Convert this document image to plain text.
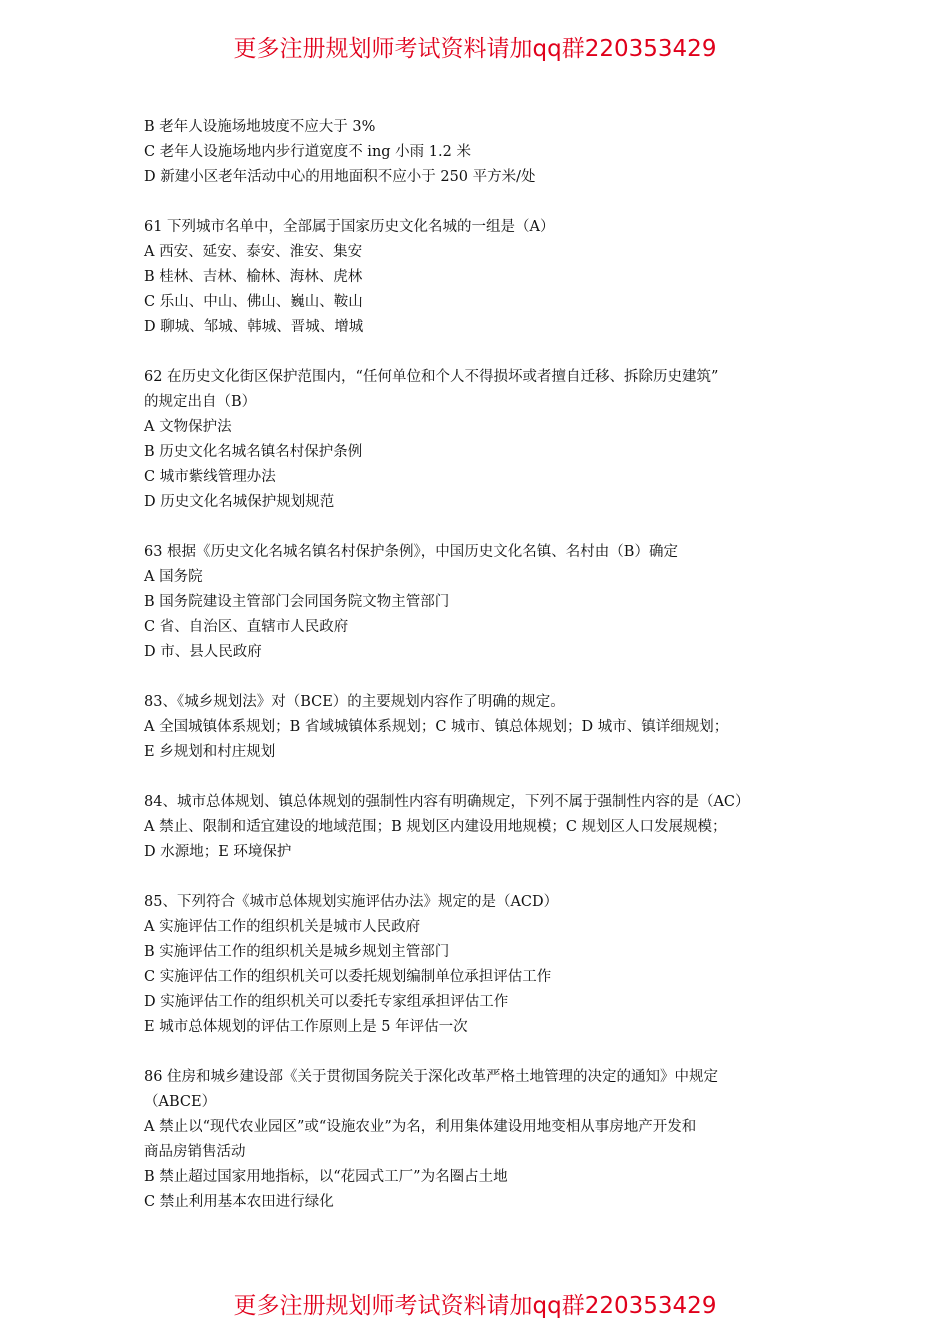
更多注册规划师考试资料请加qq群220353429
B 老年人设施场地坡度不应大于 3%
C 老年人设施场地内步行道宽度不 ing 小雨 1.2 米
D 新建小区老年活动中心的用地面积不应小于 250 平方米/处
61 下列城市名单中，全部属于国家历史文化名城的一组是（A）
A 西安、延安、泰安、淮安、集安
B 桂林、吉林、榆林、海林、虎林
C 乐山、中山、佛山、巍山、鞍山
D 聊城、邹城、韩城、晋城、增城
62 在历史文化街区保护范围内，“任何单位和个人不得损坏或者擅自迁移、拆除历史建筑”
的规定出自（B）
A 文物保护法
B 历史文化名城名镇名村保护条例
C 城市紫线管理办法
D 历史文化名城保护规划规范
63 根据《历史文化名城名镇名村保护条例》，中国历史文化名镇、名村由（B）确定
A 国务院
B 国务院建设主管部门会同国务院文物主管部门
C 省、自治区、直辖市人民政府
D 市、县人民政府
83、《城乡规划法》对（BCE）的主要规划内容作了明确的规定。
A 全国城镇体系规划；B 省域城镇体系规划；C 城市、镇总体规划；D 城市、镇详细规划；
E 乡规划和村庄规划
84、城市总体规划、镇总体规划的强制性内容有明确规定，下列不属于强制性内容的是（AC）
A 禁止、限制和适宜建设的地域范围；B 规划区内建设用地规模；C 规划区人口发展规模；
D 水源地；E 环境保护
85、下列符合《城市总体规划实施评估办法》规定的是（ACD）
A 实施评估工作的组织机关是城市人民政府
B 实施评估工作的组织机关是城乡规划主管部门
C 实施评估工作的组织机关可以委托规划编制单位承担评估工作
D 实施评估工作的组织机关可以委托专家组承担评估工作
E 城市总体规划的评估工作原则上是 5 年评估一次
86 住房和城乡建设部《关于贯彻国务院关于深化改革严格土地管理的决定的通知》中规定
（ABCE）
A 禁止以“现代农业园区”或“设施农业”为名，利用集体建设用地变相从事房地产开发和
商品房销售活动
B 禁止超过国家用地指标，以“花园式工厂”为名圈占土地
C 禁止利用基本农田进行绿化
更多注册规划师考试资料请加qq群220353429
